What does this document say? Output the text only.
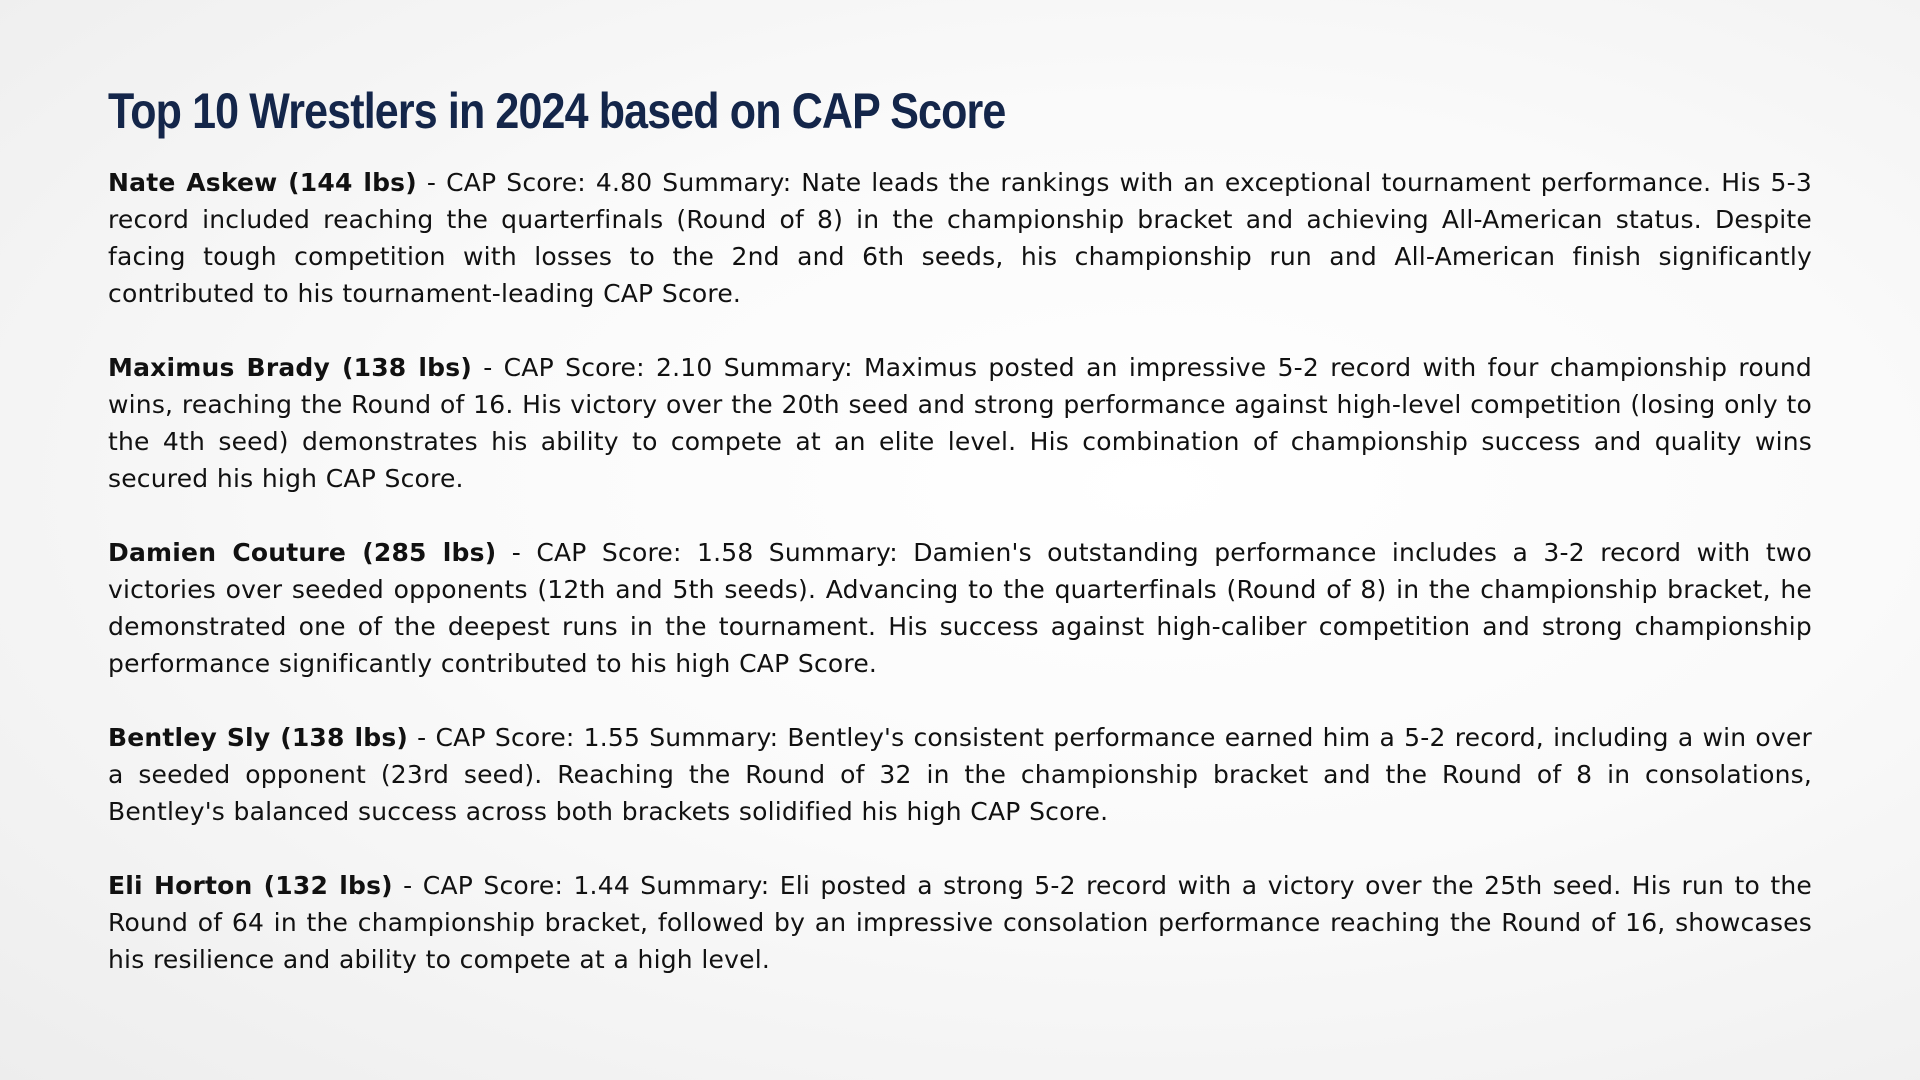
Top 10 Wrestlers in 2024 based on CAP Score

Nate Askew (144 lbs) - CAP Score: 4.80 Summary: Nate leads the rankings with an exceptional tournament performance. His 5-3 record included reaching the quarterfinals (Round of 8) in the championship bracket and achieving All-American status. Despite facing tough competition with losses to the 2nd and 6th seeds, his championship run and All-American finish significantly contributed to his tournament-leading CAP Score.

Maximus Brady (138 lbs) - CAP Score: 2.10 Summary: Maximus posted an impressive 5-2 record with four championship round wins, reaching the Round of 16. His victory over the 20th seed and strong performance against high-level competition (losing only to the 4th seed) demonstrates his ability to compete at an elite level. His combination of championship success and quality wins secured his high CAP Score.

Damien Couture (285 lbs) - CAP Score: 1.58 Summary: Damien's outstanding performance includes a 3-2 record with two victories over seeded opponents (12th and 5th seeds). Advancing to the quarterfinals (Round of 8) in the championship bracket, he demonstrated one of the deepest runs in the tournament. His success against high-caliber competition and strong championship performance significantly contributed to his high CAP Score.

Bentley Sly (138 lbs) - CAP Score: 1.55 Summary: Bentley's consistent performance earned him a 5-2 record, including a win over a seeded opponent (23rd seed). Reaching the Round of 32 in the championship bracket and the Round of 8 in consolations, Bentley's balanced success across both brackets solidified his high CAP Score.

Eli Horton (132 lbs) - CAP Score: 1.44 Summary: Eli posted a strong 5-2 record with a victory over the 25th seed. His run to the Round of 64 in the championship bracket, followed by an impressive consolation performance reaching the Round of 16, showcases his resilience and ability to compete at a high level.
